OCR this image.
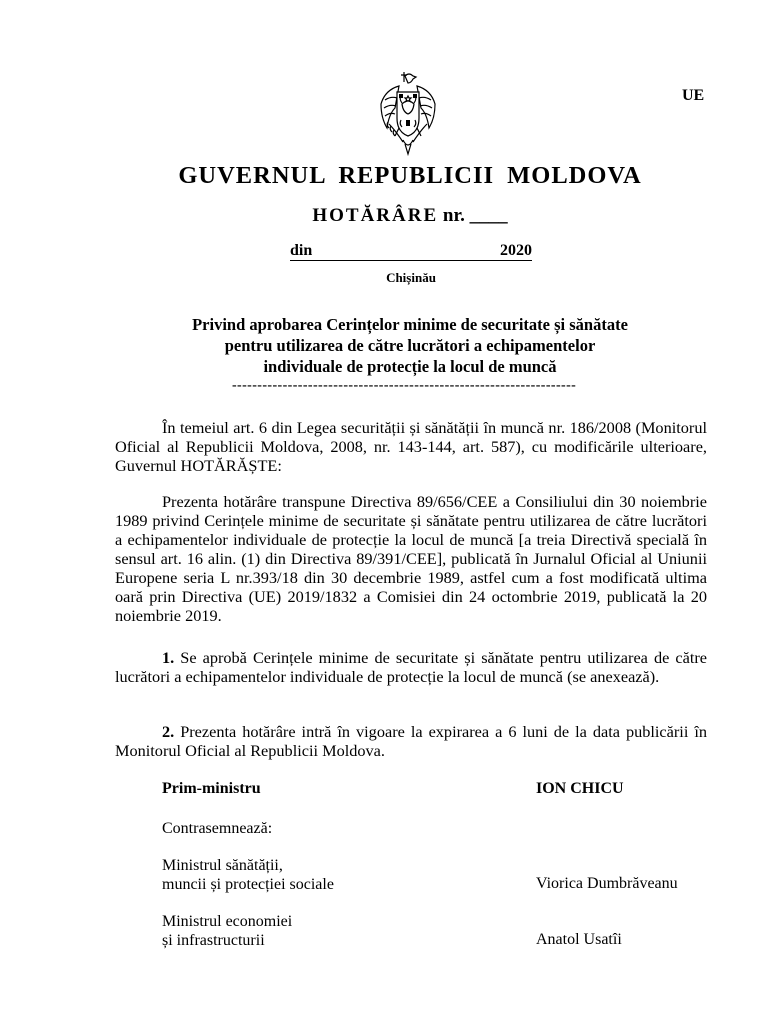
UE
GUVERNUL REPUBLICII MOLDOVA
HOTĂRÂRE nr. ____
din	2020
Chișinău
Privind aprobarea Cerințelor minime de securitate și sănătate
pentru utilizarea de către lucrători a echipamentelor
individuale de protecție la locul de muncă
--------------------------------------------------------------------
În temeiul art. 6 din Legea securității și sănătății în muncă nr. 186/2008 (Monitorul Oficial al Republicii Moldova, 2008, nr. 143-144, art. 587), cu modificările ulterioare, Guvernul HOTĂRĂȘTE:
Prezenta hotărâre transpune Directiva 89/656/CEE a Consiliului din 30 noiembrie 1989 privind Cerințele minime de securitate și sănătate pentru utilizarea de către lucrători a echipamentelor individuale de protecție la locul de muncă [a treia Directivă specială în sensul art. 16 alin. (1) din Directiva 89/391/CEE], publicată în Jurnalul Oficial al Uniunii Europene seria L nr.393/18 din 30 decembrie 1989, astfel cum a fost modificată ultima oară prin Directiva (UE) 2019/1832 a Comisiei din 24 octombrie 2019, publicată la 20 noiembrie 2019.
1. Se aprobă Cerințele minime de securitate și sănătate pentru utilizarea de către lucrători a echipamentelor individuale de protecție la locul de muncă (se anexează).
2. Prezenta hotărâre intră în vigoare la expirarea a 6 luni de la data publicării în Monitorul Oficial al Republicii Moldova.
Prim-ministru	ION CHICU
Contrasemnează:
Ministrul sănătății,
muncii și protecției sociale	Viorica Dumbrăveanu
Ministrul economiei
și infrastructurii	Anatol Usatîi
